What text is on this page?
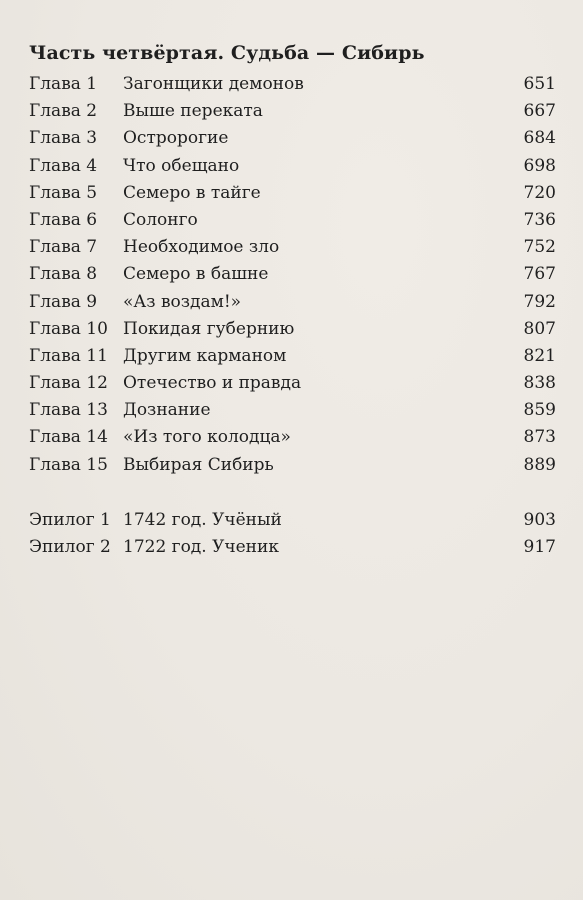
Часть четвёртая. Судьба — Сибирь
Глава 1	Загонщики демонов	651
Глава 2	Выше переката	667
Глава 3	Остророгие	684
Глава 4	Что обещано	698
Глава 5	Семеро в тайге	720
Глава 6	Солонго	736
Глава 7	Необходимое зло	752
Глава 8	Семеро в башне	767
Глава 9	«Аз воздам!»	792
Глава 10 Покидая губернию	807
Глава 11 Другим карманом	821
Глава 12 Отечество и правда	838
Глава 13 Дознание	859
Глава 14 «Из того колодца»	873
Глава 15 Выбирая Сибирь	889
Эпилог 1 1742 год. Учёный	903
Эпилог 2 1722 год. Ученик	917
